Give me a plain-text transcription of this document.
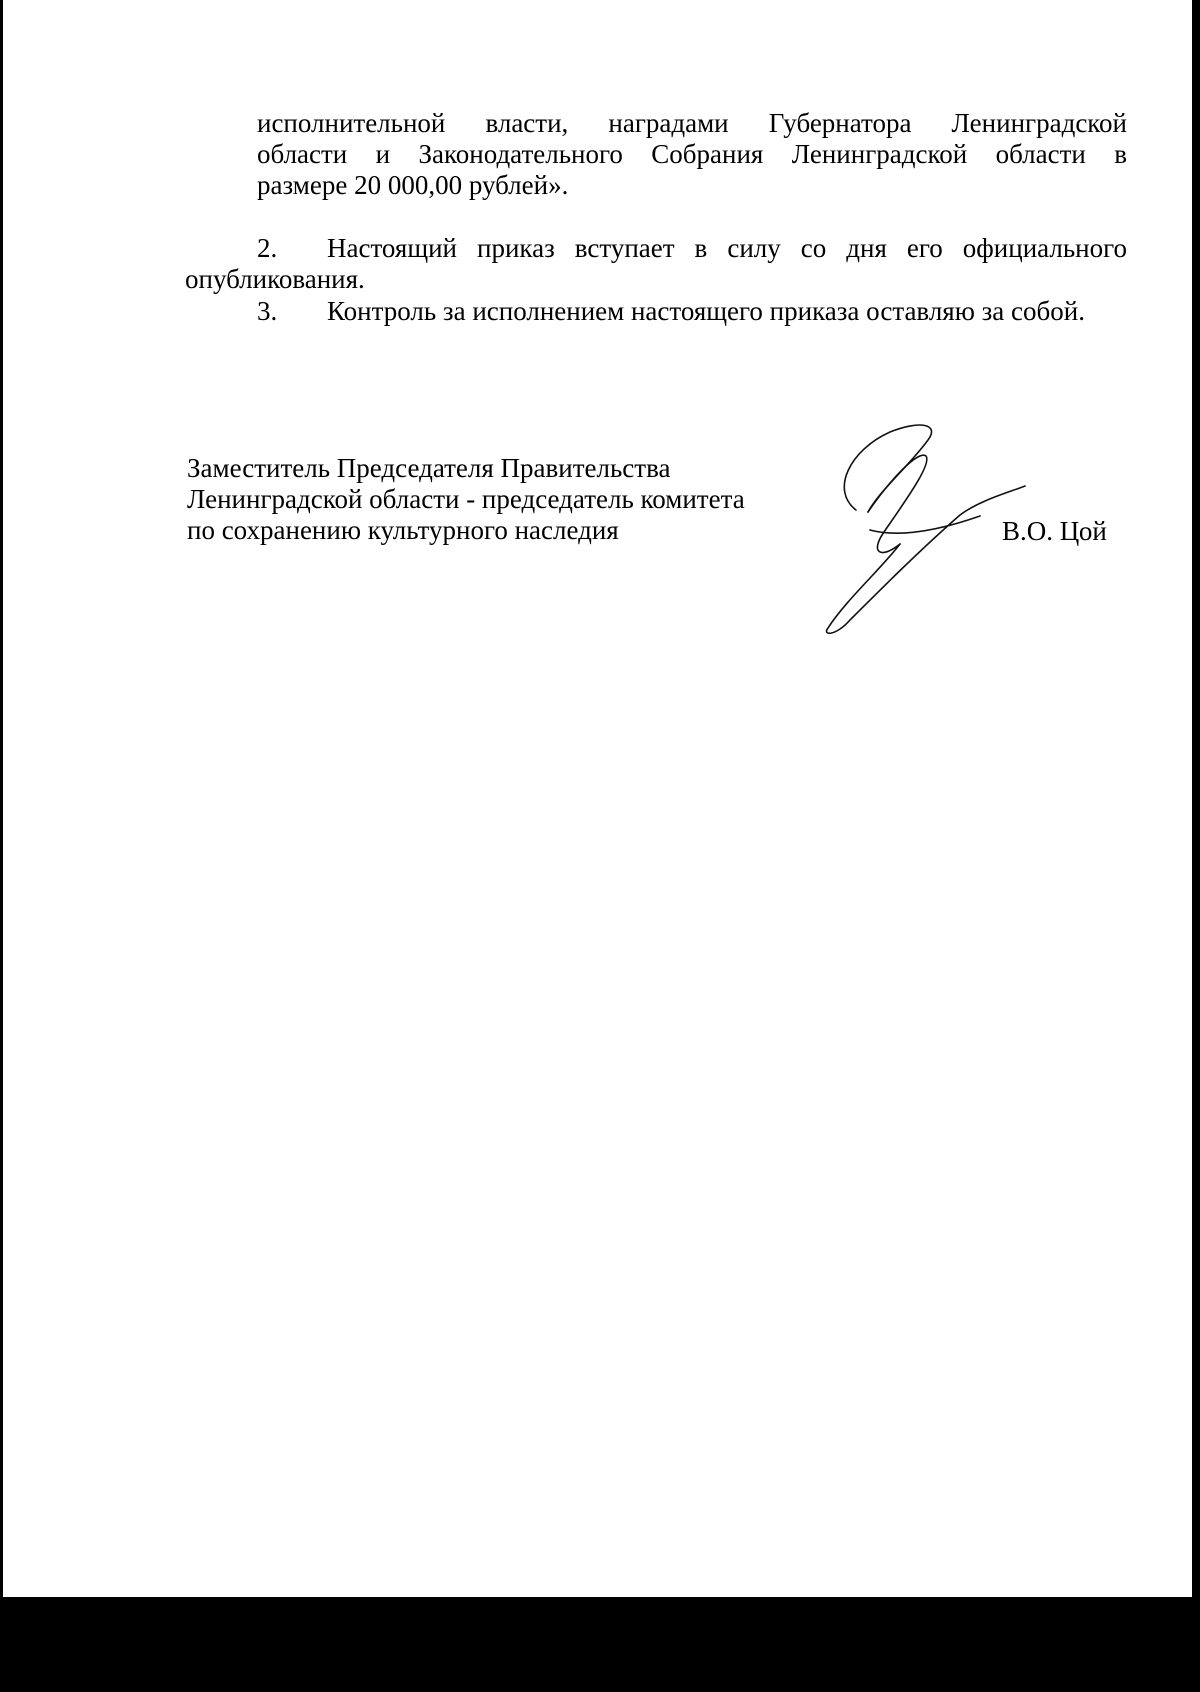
исполнительной власти, наградами Губернатора Ленинградской
области и Законодательного Собрания Ленинградской области в
размере 20 000,00 рублей».
2. Настоящий приказ вступает в силу со дня его официального
опубликования.
3. Контроль за исполнением настоящего приказа оставляю за собой.
Заместитель Председателя Правительства
Ленинградской области - председатель комитета
по сохранению культурного наследия	В.О. Цой
